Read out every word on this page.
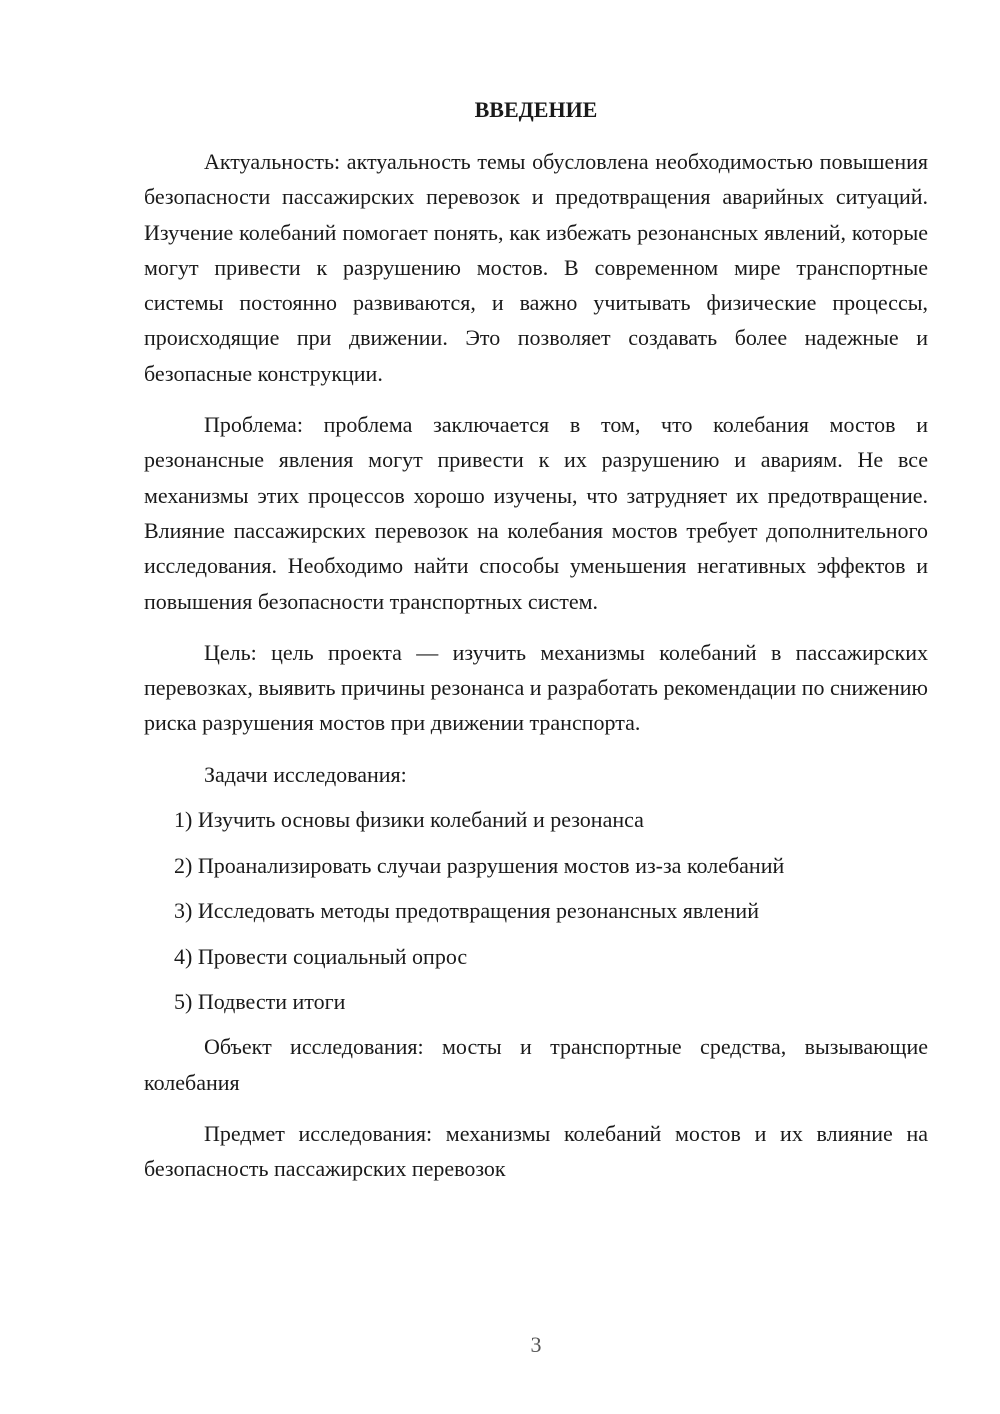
ВВЕДЕНИЕ

Актуальность: актуальность темы обусловлена необходимостью повышения безопасности пассажирских перевозок и предотвращения аварийных ситуаций. Изучение колебаний помогает понять, как избежать резонансных явлений, которые могут привести к разрушению мостов. В современном мире транспортные системы постоянно развиваются, и важно учитывать физические процессы, происходящие при движении. Это позволяет создавать более надежные и безопасные конструкции.

Проблема: проблема заключается в том, что колебания мостов и резонансные явления могут привести к их разрушению и авариям. Не все механизмы этих процессов хорошо изучены, что затрудняет их предотвращение. Влияние пассажирских перевозок на колебания мостов требует дополнительного исследования. Необходимо найти способы уменьшения негативных эффектов и повышения безопасности транспортных систем.

Цель: цель проекта — изучить механизмы колебаний в пассажирских перевозках, выявить причины резонанса и разработать рекомендации по снижению риска разрушения мостов при движении транспорта.

Задачи исследования:

1) Изучить основы физики колебаний и резонанса
2) Проанализировать случаи разрушения мостов из-за колебаний
3) Исследовать методы предотвращения резонансных явлений
4) Провести социальный опрос
5) Подвести итоги

Объект исследования: мосты и транспортные средства, вызывающие колебания

Предмет исследования: механизмы колебаний мостов и их влияние на безопасность пассажирских перевозок

3
